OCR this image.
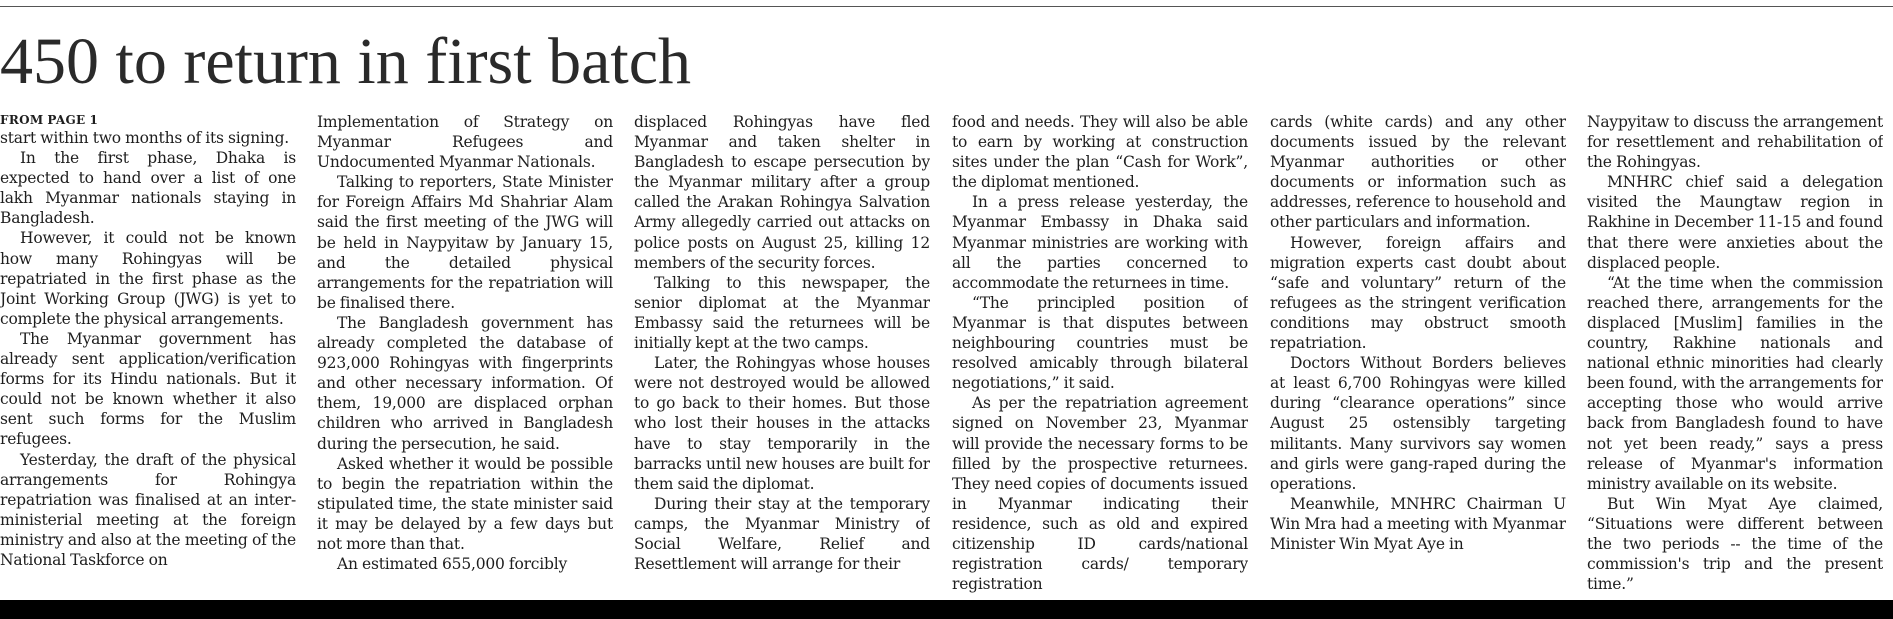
450 to return in first batch
FROM PAGE 1

start within two months of its signing.

In the first phase, Dhaka is expected to hand over a list of one lakh Myanmar nationals staying in Bangladesh.

However, it could not be known how many Rohingyas will be repatriated in the first phase as the Joint Working Group (JWG) is yet to complete the physical arrangements.

The Myanmar government has already sent application/verification forms for its Hindu nationals. But it could not be known whether it also sent such forms for the Muslim refugees.

Yesterday, the draft of the physical arrangements for Rohingya repatriation was finalised at an inter-ministerial meeting at the foreign ministry and also at the meeting of the National Taskforce on

Implementation of Strategy on Myanmar Refugees and Undocumented Myanmar Nationals.

Talking to reporters, State Minister for Foreign Affairs Md Shahriar Alam said the first meeting of the JWG will be held in Naypyitaw by January 15, and the detailed physical arrangements for the repatriation will be finalised there.

The Bangladesh government has already completed the database of 923,000 Rohingyas with fingerprints and other necessary information. Of them, 19,000 are displaced orphan children who arrived in Bangladesh during the persecution, he said.

Asked whether it would be possible to begin the repatriation within the stipulated time, the state minister said it may be delayed by a few days but not more than that.

An estimated 655,000 forcibly

displaced Rohingyas have fled Myanmar and taken shelter in Bangladesh to escape persecution by the Myanmar military after a group called the Arakan Rohingya Salvation Army allegedly carried out attacks on police posts on August 25, killing 12 members of the security forces.

Talking to this newspaper, the senior diplomat at the Myanmar Embassy said the returnees will be initially kept at the two camps.

Later, the Rohingyas whose houses were not destroyed would be allowed to go back to their homes. But those who lost their houses in the attacks have to stay temporarily in the barracks until new houses are built for them said the diplomat.

During their stay at the temporary camps, the Myanmar Ministry of Social Welfare, Relief and Resettlement will arrange for their

food and needs. They will also be able to earn by working at construction sites under the plan “Cash for Work”, the diplomat mentioned.

In a press release yesterday, the Myanmar Embassy in Dhaka said Myanmar ministries are working with all the parties concerned to accommodate the returnees in time.

“The principled position of Myanmar is that disputes between neighbouring countries must be resolved amicably through bilateral negotiations,” it said.

As per the repatriation agreement signed on November 23, Myanmar will provide the necessary forms to be filled by the prospective returnees. They need copies of documents issued in Myanmar indicating their residence, such as old and expired citizenship ID cards/national registration cards/ temporary registration

cards (white cards) and any other documents issued by the relevant Myanmar authorities or other documents or information such as addresses, reference to household and other particulars and information.

However, foreign affairs and migration experts cast doubt about “safe and voluntary” return of the refugees as the stringent verification conditions may obstruct smooth repatriation.

Doctors Without Borders believes at least 6,700 Rohingyas were killed during “clearance operations” since August 25 ostensibly targeting militants. Many survivors say women and girls were gang-raped during the operations.

Meanwhile, MNHRC Chairman U Win Mra had a meeting with Myanmar Minister Win Myat Aye in

Naypyitaw to discuss the arrangement for resettlement and rehabilitation of the Rohingyas.

MNHRC chief said a delegation visited the Maungtaw region in Rakhine in December 11-15 and found that there were anxieties about the displaced people.

“At the time when the commission reached there, arrangements for the displaced [Muslim] families in the country, Rakhine nationals and national ethnic minorities had clearly been found, with the arrangements for accepting those who would arrive back from Bangladesh found to have not yet been ready,” says a press release of Myanmar's information ministry available on its website.

But Win Myat Aye claimed, “Situations were different between the two periods -- the time of the commission's trip and the present time.”
